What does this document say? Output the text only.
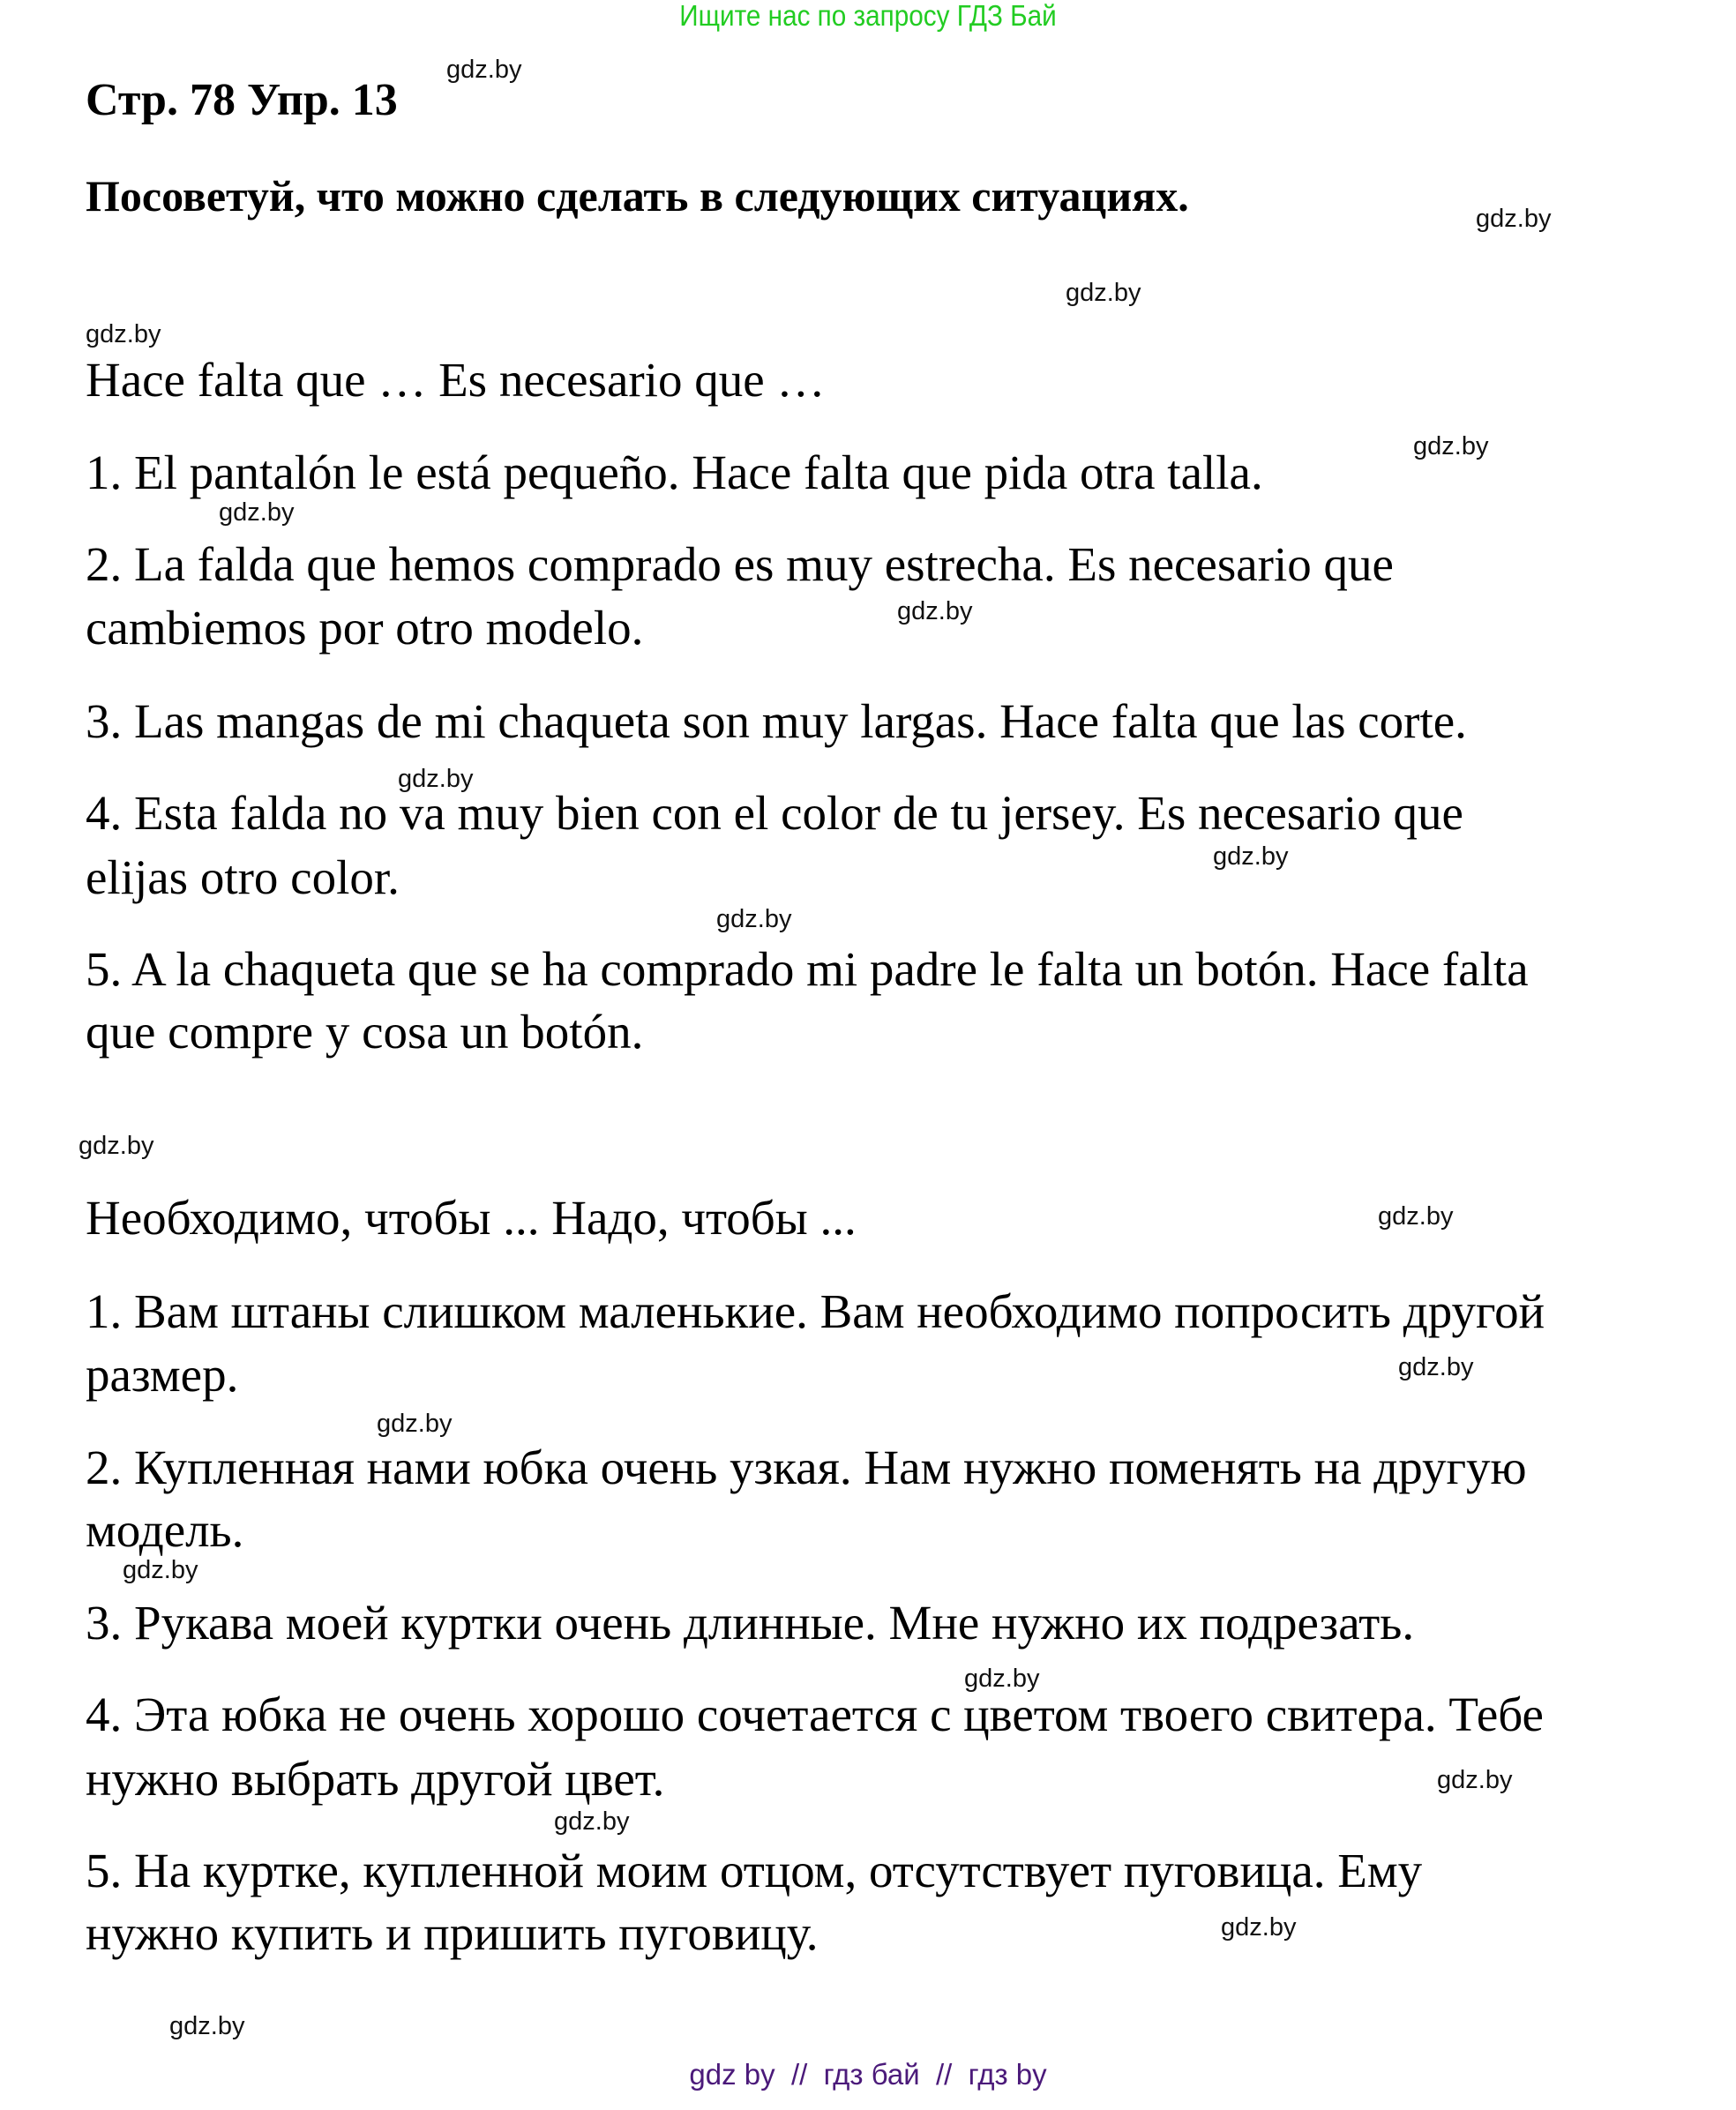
Ищите нас по запросу ГДЗ Бай
Стр. 78 Упр. 13
Посоветуй, что можно сделать в следующих ситуациях.
Hace falta que … Es necesario que …
1. El pantalón le está pequeño. Hace falta que pida otra talla.
2. La falda que hemos comprado es muy estrecha. Es necesario que
cambiemos por otro modelo.
3. Las mangas de mi chaqueta son muy largas. Hace falta que las corte.
4. Esta falda no va muy bien con el color de tu jersey. Es necesario que
elijas otro color.
5. A la chaqueta que se ha comprado mi padre le falta un botón. Hace falta
que compre y cosa un botón.
Необходимо, чтобы ... Надо, чтобы ...
1. Вам штаны слишком маленькие. Вам необходимо попросить другой
размер.
2. Купленная нами юбка очень узкая. Нам нужно поменять на другую
модель.
3. Рукава моей куртки очень длинные. Мне нужно их подрезать.
4. Эта юбка не очень хорошо сочетается с цветом твоего свитера. Тебе
нужно выбрать другой цвет.
5. На куртке, купленной моим отцом, отсутствует пуговица. Ему
нужно купить и пришить пуговицу.
gdz.by
gdz.by
gdz.by
gdz.by
gdz.by
gdz.by
gdz.by
gdz.by
gdz.by
gdz.by
gdz.by
gdz.by
gdz.by
gdz.by
gdz.by
gdz.by
gdz.by
gdz.by
gdz.by
gdz.by
gdz by  //  гдз бай  //  гдз by
